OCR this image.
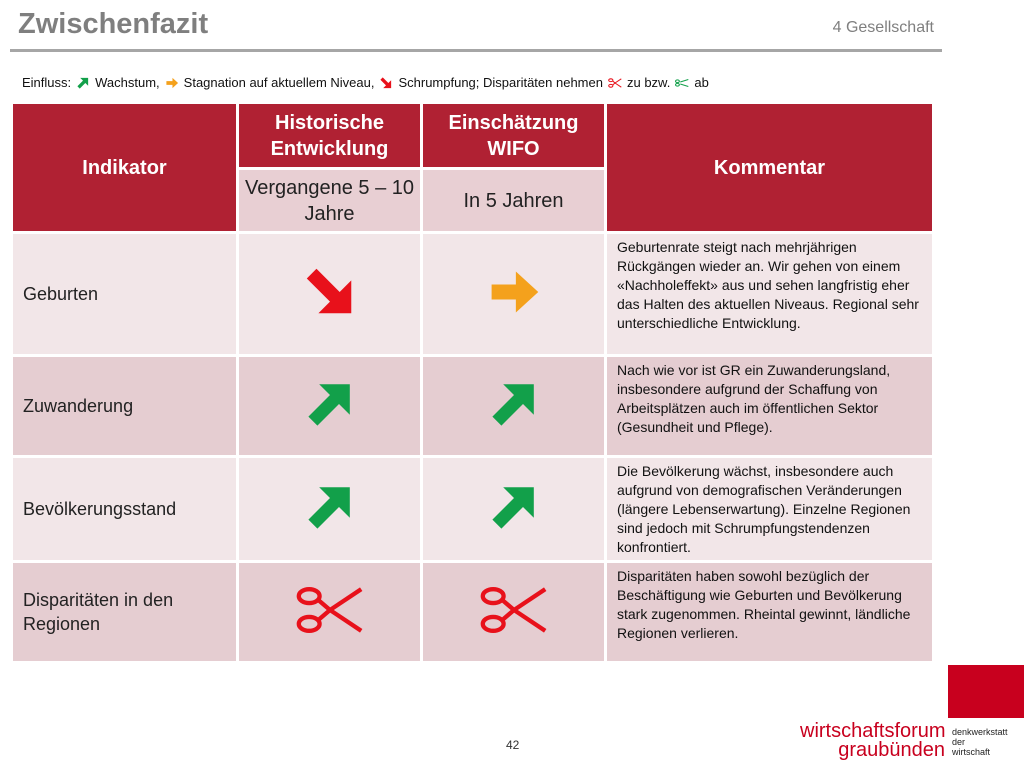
Zwischenfazit	4 Gesellschaft
Einfluss: Wachstum, Stagnation auf aktuellem Niveau, Schrumpfung; Disparitäten nehmen zu bzw. ab
Indikator	Historische Entwicklung	Einschätzung WIFO	Kommentar
	Vergangene 5 – 10 Jahre	In 5 Jahren	
Geburten			Geburtenrate steigt nach mehrjährigen Rückgängen wieder an. Wir gehen von einem «Nachholeffekt» aus und sehen langfristig eher das Halten des aktuellen Niveaus. Regional sehr unterschiedliche Entwicklung.
Zuwanderung			Nach wie vor ist GR ein Zuwanderungsland, insbesondere aufgrund der Schaffung von Arbeitsplätzen auch im öffentlichen Sektor (Gesundheit und Pflege).
Bevölkerungsstand			Die Bevölkerung wächst, insbesondere auch aufgrund von demografischen Veränderungen (längere Lebenserwartung). Einzelne Regionen sind jedoch mit Schrumpfungstendenzen konfrontiert.
Disparitäten in den Regionen			Disparitäten haben sowohl bezüglich der Beschäftigung wie Geburten und Bevölkerung stark zugenommen. Rheintal gewinnt, ländliche Regionen verlieren.
42
wirtschaftsforum
graubünden
denkwerkstatt
der
wirtschaft
